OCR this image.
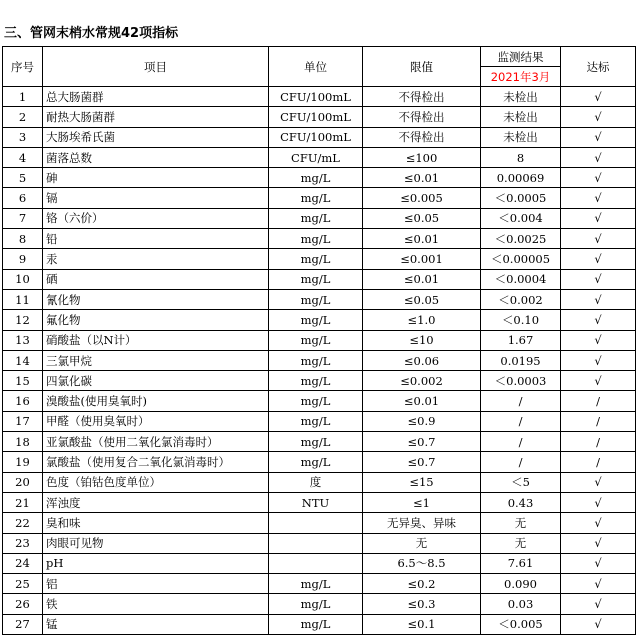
三、管网末梢水常规42项指标
序号	项目	单位	限值	监测结果	达标
				2021年3月	
1	总大肠菌群	CFU/100mL	不得检出	未检出	√
2	耐热大肠菌群	CFU/100mL	不得检出	未检出	√
3	大肠埃希氏菌	CFU/100mL	不得检出	未检出	√
4	菌落总数	CFU/mL	≤100	8	√
5	砷	mg/L	≤0.01	0.00069	√
6	镉	mg/L	≤0.005	＜0.0005	√
7	铬（六价）	mg/L	≤0.05	＜0.004	√
8	铅	mg/L	≤0.01	＜0.0025	√
9	汞	mg/L	≤0.001	＜0.00005	√
10	硒	mg/L	≤0.01	＜0.0004	√
11	氰化物	mg/L	≤0.05	＜0.002	√
12	氟化物	mg/L	≤1.0	＜0.10	√
13	硝酸盐（以N计）	mg/L	≤10	1.67	√
14	三氯甲烷	mg/L	≤0.06	0.0195	√
15	四氯化碳	mg/L	≤0.002	＜0.0003	√
16	溴酸盐(使用臭氧时)	mg/L	≤0.01	/	/
17	甲醛（使用臭氧时）	mg/L	≤0.9	/	/
18	亚氯酸盐（使用二氧化氯消毒时）	mg/L	≤0.7	/	/
19	氯酸盐（使用复合二氧化氯消毒时）	mg/L	≤0.7	/	/
20	色度（铂钴色度单位）	度	≤15	＜5	√
21	浑浊度	NTU	≤1	0.43	√
22	臭和味		无异臭、异味	无	√
23	肉眼可见物		无	无	√
24	pH		6.5～8.5	7.61	√
25	铝	mg/L	≤0.2	0.090	√
26	铁	mg/L	≤0.3	0.03	√
27	锰	mg/L	≤0.1	＜0.005	√
